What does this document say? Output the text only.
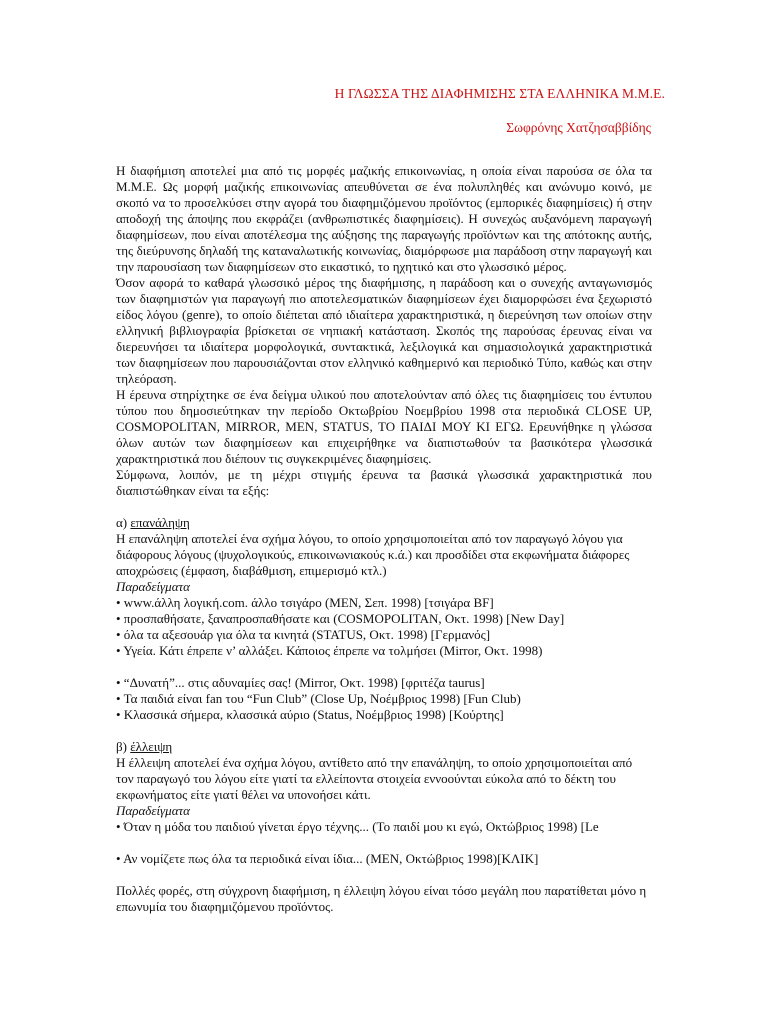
Η ΓΛΩΣΣΑ ΤΗΣ ΔΙΑΦΗΜΙΣΗΣ ΣΤΑ ΕΛΛΗΝΙΚΑ Μ.Μ.Ε.
Σωφρόνης Χατζησαββίδης

Η διαφήμιση αποτελεί μια από τις μορφές μαζικής επικοινωνίας, η οποία είναι παρούσα σε όλα τα Μ.Μ.Ε. Ως μορφή μαζικής επικοινωνίας απευθύνεται σε ένα πολυπληθές και ανώνυμο κοινό, με σκοπό να το προσελκύσει στην αγορά του διαφημιζόμενου προϊόντος (εμπορικές διαφημίσεις) ή στην αποδοχή της άποψης που εκφράζει (ανθρωπιστικές διαφημίσεις). Η συνεχώς αυξανόμενη παραγωγή διαφημίσεων, που είναι αποτέλεσμα της αύξησης της παραγωγής προϊόντων και της απότοκης αυτής, της διεύρυνσης δηλαδή της καταναλωτικής κοινωνίας, διαμόρφωσε μια παράδοση στην παραγωγή και την παρουσίαση των διαφημίσεων στο εικαστικό, το ηχητικό και στο γλωσσικό μέρος.

Όσον αφορά το καθαρά γλωσσικό μέρος της διαφήμισης, η παράδοση και ο συνεχής ανταγωνισμός των διαφημιστών για παραγωγή πιο αποτελεσματικών διαφημίσεων έχει διαμορφώσει ένα ξεχωριστό είδος λόγου (genre), το οποίο διέπεται από ιδιαίτερα χαρακτηριστικά, η διερεύνηση των οποίων στην ελληνική βιβλιογραφία βρίσκεται σε νηπιακή κατάσταση. Σκοπός της παρούσας έρευνας είναι να διερευνήσει τα ιδιαίτερα μορφολογικά, συντακτικά, λεξιλογικά και σημασιολογικά χαρακτηριστικά των διαφημίσεων που παρουσιάζονται στον ελληνικό καθημερινό και περιοδικό Τύπο, καθώς και στην τηλεόραση.

Η έρευνα στηρίχτηκε σε ένα δείγμα υλικού που αποτελούνταν από όλες τις διαφημίσεις του έντυπου τύπου που δημοσιεύτηκαν την περίοδο Οκτωβρίου Νοεμβρίου 1998 στα περιοδικά CLOSE UP, COSMOPOLITAN, MIRROR, MEN, STATUS, ΤΟ ΠΑΙΔΙ ΜΟΥ ΚΙ ΕΓΩ. Ερευνήθηκε η γλώσσα όλων αυτών των διαφημίσεων και επιχειρήθηκε να διαπιστωθούν τα βασικότερα γλωσσικά χαρακτηριστικά που διέπουν τις συγκεκριμένες διαφημίσεις.

Σύμφωνα, λοιπόν, με τη μέχρι στιγμής έρευνα τα βασικά γλωσσικά χαρακτηριστικά που διαπιστώθηκαν είναι τα εξής:

α) επανάληψη

Η επανάληψη αποτελεί ένα σχήμα λόγου, το οποίο χρησιμοποιείται από τον παραγωγό λόγου για διάφορους λόγους (ψυχολογικούς, επικοινωνιακούς κ.ά.) και προσδίδει στα εκφωνήματα διάφορες αποχρώσεις (έμφαση, διαβάθμιση, επιμερισμό κτλ.)

Παραδείγματα

• www.άλλη λογική.com. άλλο τσιγάρο (MEN, Σεπ. 1998) [τσιγάρα BF]

• προσπαθήσατε, ξαναπροσπαθήσατε και (COSMOPOLITAN, Οκτ. 1998) [New Day]

• όλα τα αξεσουάρ για όλα τα κινητά (STATUS, Οκτ. 1998) [Γερμανός]

• Υγεία. Κάτι έπρεπε ν’ αλλάξει. Κάποιος έπρεπε να τολμήσει (Mirror, Οκτ. 1998)

• “Δυνατή”... στις αδυναμίες σας! (Mirror, Οκτ. 1998) [φριτέζα taurus]

• Τα παιδιά είναι fan του “Fun Club” (Close Up, Νοέμβριος 1998) [Fun Club)

• Κλασσικά σήμερα, κλασσικά αύριο (Status, Νοέμβριος 1998) [Κούρτης]

β) έλλειψη

Η έλλειψη αποτελεί ένα σχήμα λόγου, αντίθετο από την επανάληψη, το οποίο χρησιμοποιείται από τον παραγωγό του λόγου είτε γιατί τα ελλείποντα στοιχεία εννοούνται εύκολα από το δέκτη του εκφωνήματος είτε γιατί θέλει να υπονοήσει κάτι.

Παραδείγματα

• Όταν η μόδα του παιδιού γίνεται έργο τέχνης... (Το παιδί μου κι εγώ, Οκτώβριος 1998) [Le

• Αν νομίζετε πως όλα τα περιοδικά είναι ίδια... (MEN, Οκτώβριος 1998)[ΚΛΙΚ]

Πολλές φορές, στη σύγχρονη διαφήμιση, η έλλειψη λόγου είναι τόσο μεγάλη που παρατίθεται μόνο η επωνυμία του διαφημιζόμενου προϊόντος.
